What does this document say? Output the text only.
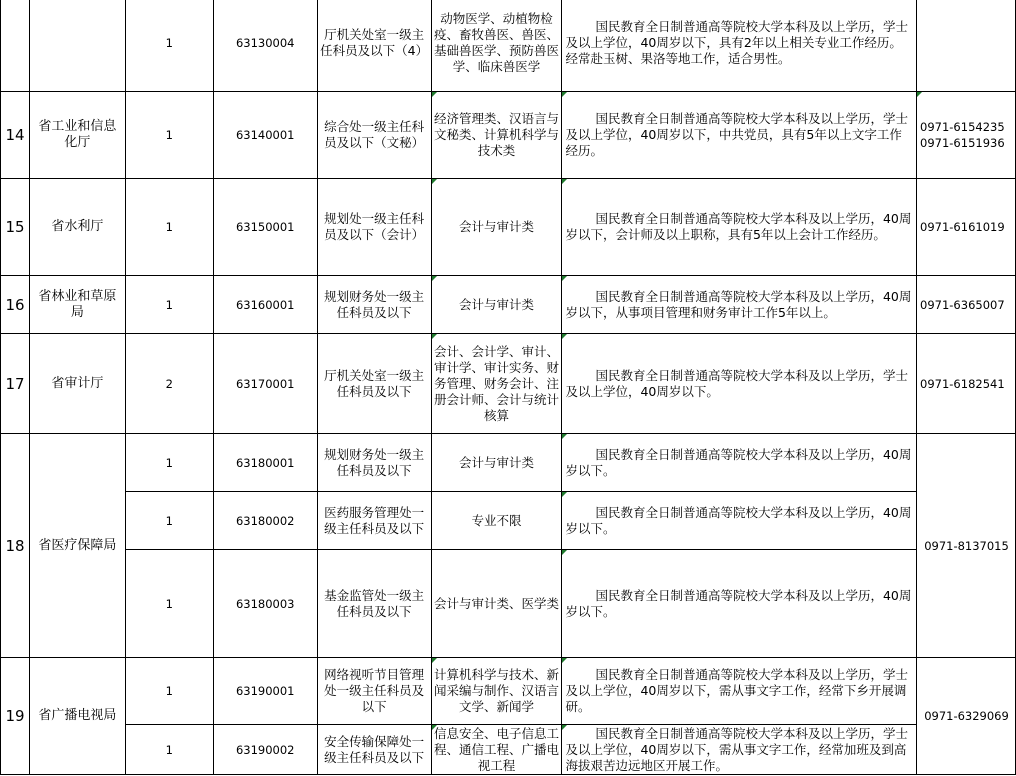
		1	63130004	厅机关处室一级主任科员及以下（4）	动物医学、动植物检疫、畜牧兽医、兽医、基础兽医学、预防兽医学、临床兽医学	国民教育全日制普通高等院校大学本科及以上学历，学士及以上学位，40周岁以下，具有2年以上相关专业工作经历。经常赴玉树、果洛等地工作，适合男性。	

14	省工业和信息化厅	1	63140001	综合处一级主任科员及以下（文秘）	经济管理类、汉语言与文秘类、计算机科学与技术类	国民教育全日制普通高等院校大学本科及以上学历，学士及以上学位，40周岁以下，中共党员，具有5年以上文字工作经历。	0971-6154235
0971-6151936
15	省水利厅	1	63150001	规划处一级主任科员及以下（会计）	会计与审计类	国民教育全日制普通高等院校大学本科及以上学历，40周岁以下，会计师及以上职称，具有5年以上会计工作经历。	0971-6161019
16	省林业和草原局	1	63160001	规划财务处一级主任科员及以下	会计与审计类	国民教育全日制普通高等院校大学本科及以上学历，40周岁以下，从事项目管理和财务审计工作5年以上。	0971-6365007
17	省审计厅	2	63170001	厅机关处室一级主任科员及以下	会计、会计学、审计、审计学、审计实务、财务管理、财务会计、注册会计师、会计与统计核算	国民教育全日制普通高等院校大学本科及以上学历，学士及以上学位，40周岁以下。	0971-6182541
18	省医疗保障局	1	63180001	规划财务处一级主任科员及以下	会计与审计类	国民教育全日制普通高等院校大学本科及以上学历，40周岁以下。	0971-8137015
		1	63180002	医药服务管理处一级主任科员及以下	专业不限	国民教育全日制普通高等院校大学本科及以上学历，40周岁以下。	

		1	63180003	基金监管处一级主任科员及以下	会计与审计类、医学类	国民教育全日制普通高等院校大学本科及以上学历，40周岁以下。	

19	省广播电视局	1	63190001	网络视听节目管理处一级主任科员及以下	计算机科学与技术、新闻采编与制作、汉语言文学、新闻学	国民教育全日制普通高等院校大学本科及以上学历，学士及以上学位，40周岁以下，需从事文字工作，经常下乡开展调研。	0971-6329069
		1	63190002	安全传输保障处一级主任科员及以下	信息安全、电子信息工程、通信工程、广播电视工程	国民教育全日制普通高等院校大学本科及以上学历，学士及以上学位，40周岁以下，需从事文字工作，经常加班及到高海拔艰苦边远地区开展工作。	
